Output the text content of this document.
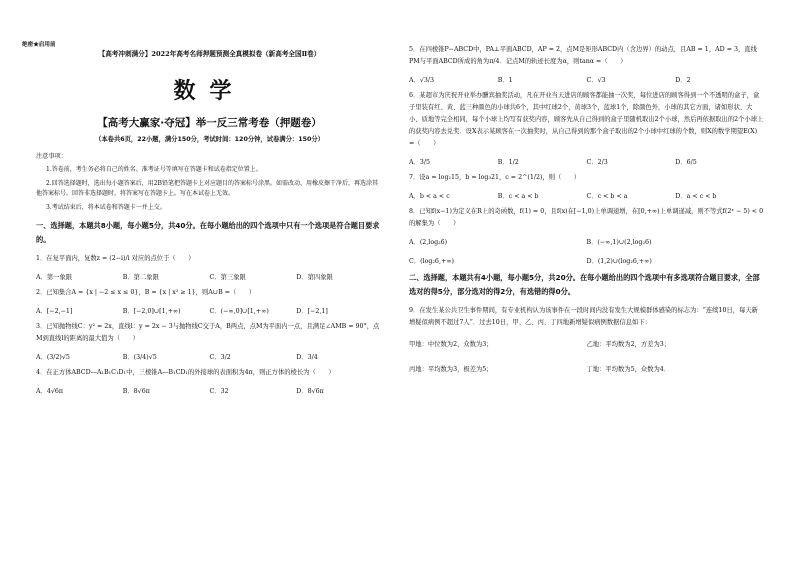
绝密★启用前
【高考冲刺满分】2022年高考名师押题预测全真模拟卷（新高考全国Ⅱ卷）
数学
【高考大赢家·夺冠】举一反三常考卷（押题卷）
（本卷共6页，22小题，满分150分，考试时间：120分钟，试卷满分：150分）
注意事项：
1.答卷前，考生务必将自己的姓名、准考证号等填写在答题卡和试卷指定位置上。
2.回答选择题时，选出每小题答案后，用2B铅笔把答题卡上对应题目的答案标号涂黑。如需改动，用橡皮擦干净后，再选涂其他答案标号。回答非选择题时，将答案写在答题卡上。写在本试卷上无效。
3.考试结束后，将本试卷和答题卡一并上交。
一、选择题，本题共8小题，每小题5分，共40分。在每小题给出的四个选项中只有一个选项是符合题目要求的。
1．在复平面内，复数z = (2−i)/i 对应的点位于（　　）
A．第一象限	B．第二象限	C．第三象限	D．第四象限
2．已知集合A = {x | −2 ≤ x ≤ 0}，B = {x | x² ≥ 1}，则A∪B =（　　）
A．[−2,−1]	B．[−2,0]∪[1,+∞)	C．(−∞,0]∪[1,+∞)	D．[−2,1]
3．已知抛物线C：y² = 2x，直线l：y = 2x − 3与抛物线C交于A，B两点，点M为平面内一点，且满足∠AMB = 90°，点M到直线l的距离的最大值为（　　）
A．(3/2)√5	B．(3/4)√5	C．3/2	D．3/4
4．在正方体ABCD—A₁B₁C₁D₁中，三棱锥A—B₁CD₁的外接球的表面积为4π，则正方体的棱长为（　　）
A．4√6π	B．8√6π	C．32	D．8√6π
5．在四棱锥P−ABCD中，PA⊥平面ABCD，AP = 2，点M是矩形ABCD内（含边界）的动点，且AB = 1，AD = 3，直线PM与平面ABCD所成的角为π/4．记点M的轨迹长度为α，则tanα =（　　）
A．√3/3	B．1	C．√3	D．2
6．某超市为庆祝开业举办酬宾抽奖活动，凡在开业当天进店的顾客都能抽一次奖，每位进店的顾客得到一个不透明的盒子，盒子里装有红、黄、蓝三种颜色的小球共6个，其中红球2个，黄球3个，蓝球1个，除颜色外，小球的其它方面，诸如形状、大小、质地等完全相同，每个小球上均写有获奖内容，顾客先从自己得到的盒子里随机取出2个小球，然后再依据取出的2个小球上的获奖内容去兑奖．设X表示某顾客在一次抽奖时，从自己得到的那个盒子取出的2个小球中红球的个数，则X的数学期望E(X) =（　　）
A．3/5	B．1/2	C．2/3	D．6/5
7．设a = log₂15，b = log₃21，c = 2^(1/2)，则（　　）
A．b < a < c	B．c < a < b	C．c < b < a	D．a < c < b
8．已知f(x−1)为定义在R上的奇函数，f(1) = 0，且f(x)在[−1,0)上单调递增，在[0,+∞)上单调递减，则不等式f(2ˣ − 5) < 0的解集为（　　）
A．(2,log₂6)	B．(−∞,1)∪(2,log₂6)
C．(log₂6,+∞)	D．(1,2)∪(log₂6,+∞)
二、选择题，本题共有4小题，每小题5分，共20分。在每小题给出的四个选项中有多选项符合题目要求，全部选对的得5分，部分选对的得2分，有选错的得0分。
9．在发生某公共卫生事件期间，有专业机构认为该事件在一段时间内没有发生大规模群体感染的标志为：“连续10日，每天新增疑似病例不超过7人”．过去10日，甲、乙、丙、丁四地新增疑似病例数据信息如下：
甲地：中位数为2，众数为3；	乙地：平均数为2，方差为3；
丙地：平均数为3，极差为5；	丁地：平均数为5，众数为4．
